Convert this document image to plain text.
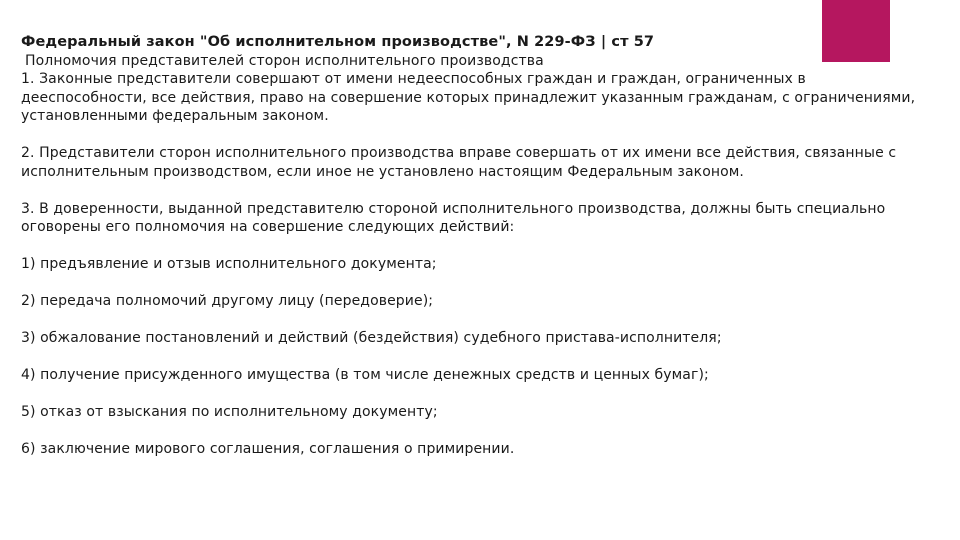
Федеральный закон "Об исполнительном производстве", N 229-ФЗ | ст 57

Полномочия представителей сторон исполнительного производства

1. Законные представители совершают от имени недееспособных граждан и граждан, ограниченных в дееспособности, все действия, право на совершение которых принадлежит указанным гражданам, с ограничениями, установленными федеральным законом.

2. Представители сторон исполнительного производства вправе совершать от их имени все действия, связанные с исполнительным производством, если иное не установлено настоящим Федеральным законом.

3. В доверенности, выданной представителю стороной исполнительного производства, должны быть специально оговорены его полномочия на совершение следующих действий:

1) предъявление и отзыв исполнительного документа;

2) передача полномочий другому лицу (передоверие);

3) обжалование постановлений и действий (бездействия) судебного пристава-исполнителя;

4) получение присужденного имущества (в том числе денежных средств и ценных бумаг);

5) отказ от взыскания по исполнительному документу;

6) заключение мирового соглашения, соглашения о примирении.
